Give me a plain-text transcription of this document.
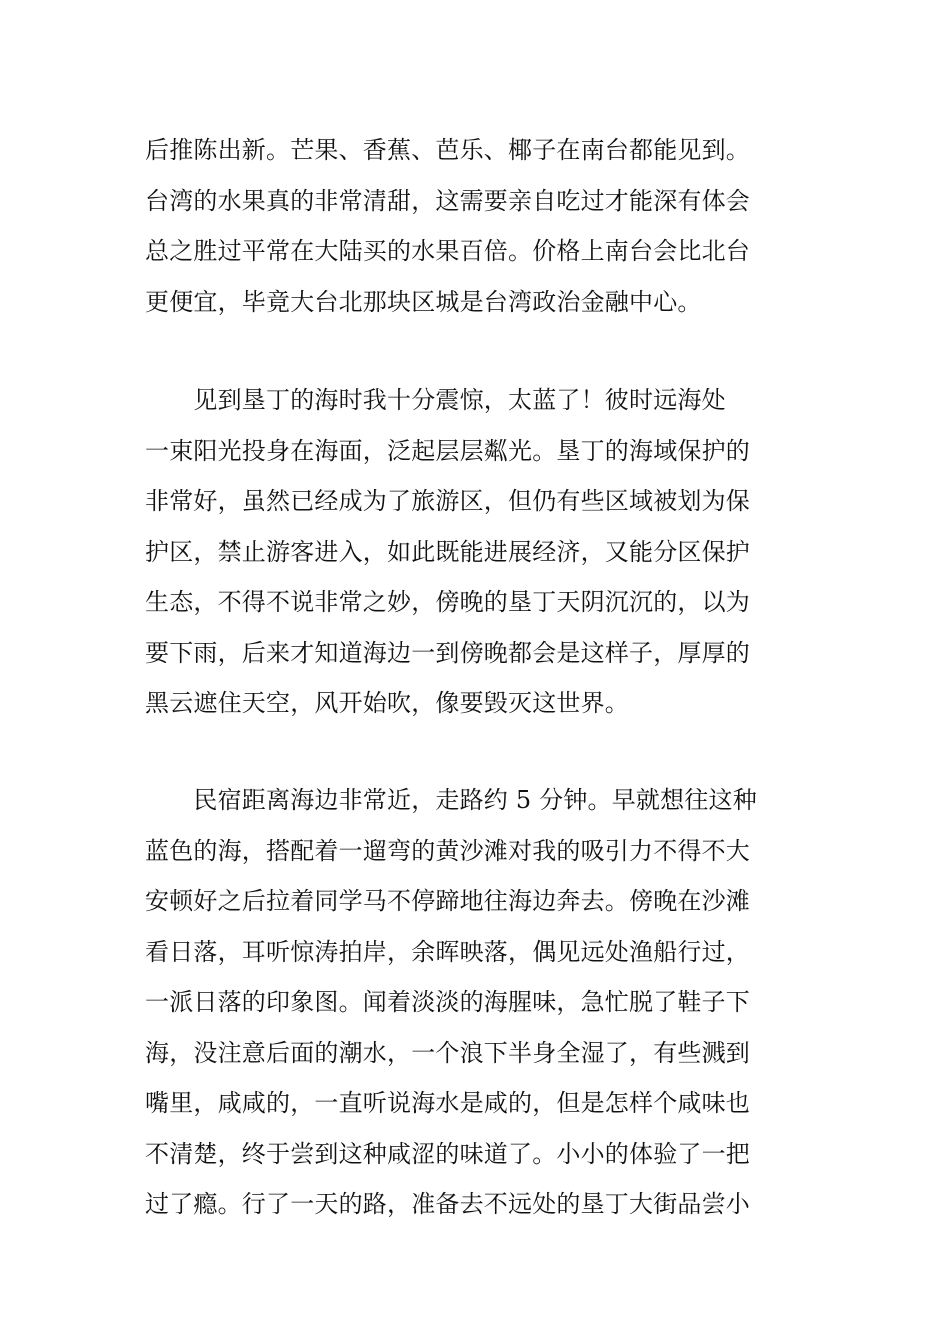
后推陈出新。芒果、香蕉、芭乐、椰子在南台都能见到。
台湾的水果真的非常清甜，这需要亲自吃过才能深有体会
总之胜过平常在大陆买的水果百倍。价格上南台会比北台
更便宜，毕竟大台北那块区城是台湾政治金融中心。
　　见到垦丁的海时我十分震惊，太蓝了！彼时远海处
一束阳光投身在海面，泛起层层粼光。垦丁的海域保护的
非常好，虽然已经成为了旅游区，但仍有些区域被划为保
护区，禁止游客进入，如此既能进展经济，又能分区保护
生态，不得不说非常之妙，傍晚的垦丁天阴沉沉的，以为
要下雨，后来才知道海边一到傍晚都会是这样子，厚厚的
黑云遮住天空，风开始吹，像要毁灭这世界。
　　民宿距离海边非常近，走路约 5 分钟。早就想往这种
蓝色的海，搭配着一遛弯的黄沙滩对我的吸引力不得不大
安顿好之后拉着同学马不停蹄地往海边奔去。傍晚在沙滩
看日落，耳听惊涛拍岸，余晖映落，偶见远处渔船行过，
一派日落的印象图。闻着淡淡的海腥味，急忙脱了鞋子下
海，没注意后面的潮水，一个浪下半身全湿了，有些溅到
嘴里，咸咸的，一直听说海水是咸的，但是怎样个咸味也
不清楚，终于尝到这种咸涩的味道了。小小的体验了一把
过了瘾。行了一天的路，准备去不远处的垦丁大街品尝小
